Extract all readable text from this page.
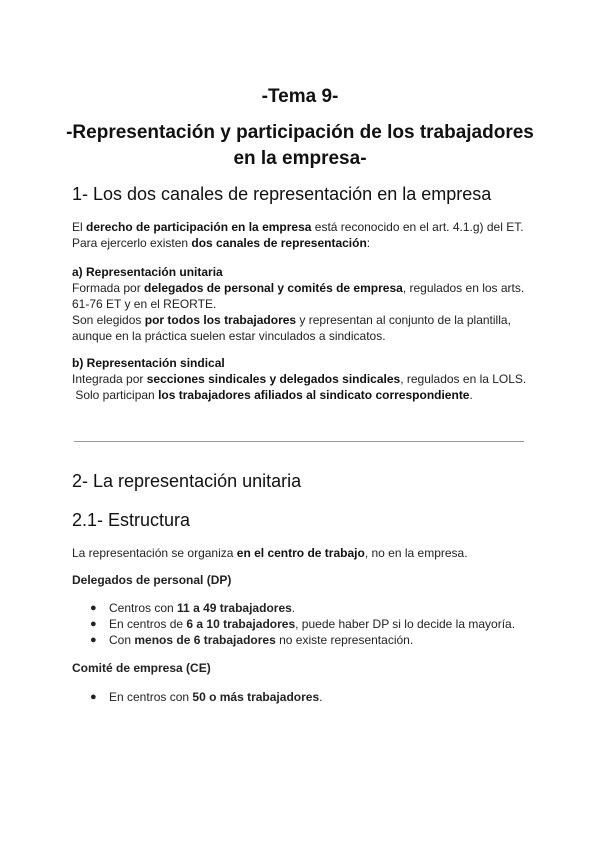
-Tema 9-

-Representación y participación de los trabajadores
en la empresa-

1- Los dos canales de representación en la empresa

El derecho de participación en la empresa está reconocido en el art. 4.1.g) del ET. Para ejercerlo existen dos canales de representación:

a) Representación unitaria
Formada por delegados de personal y comités de empresa, regulados en los arts. 61-76 ET y en el REORTE.
Son elegidos por todos los trabajadores y representan al conjunto de la plantilla, aunque en la práctica suelen estar vinculados a sindicatos.
b) Representación sindical
Integrada por secciones sindicales y delegados sindicales, regulados en la LOLS.
Solo participan los trabajadores afiliados al sindicato correspondiente.
2- La representación unitaria
2.1- Estructura

La representación se organiza en el centro de trabajo, no en la empresa.

Delegados de personal (DP)

● Centros con 11 a 49 trabajadores.
● En centros de 6 a 10 trabajadores, puede haber DP si lo decide la mayoría.
● Con menos de 6 trabajadores no existe representación.

Comité de empresa (CE)

● En centros con 50 o más trabajadores.
